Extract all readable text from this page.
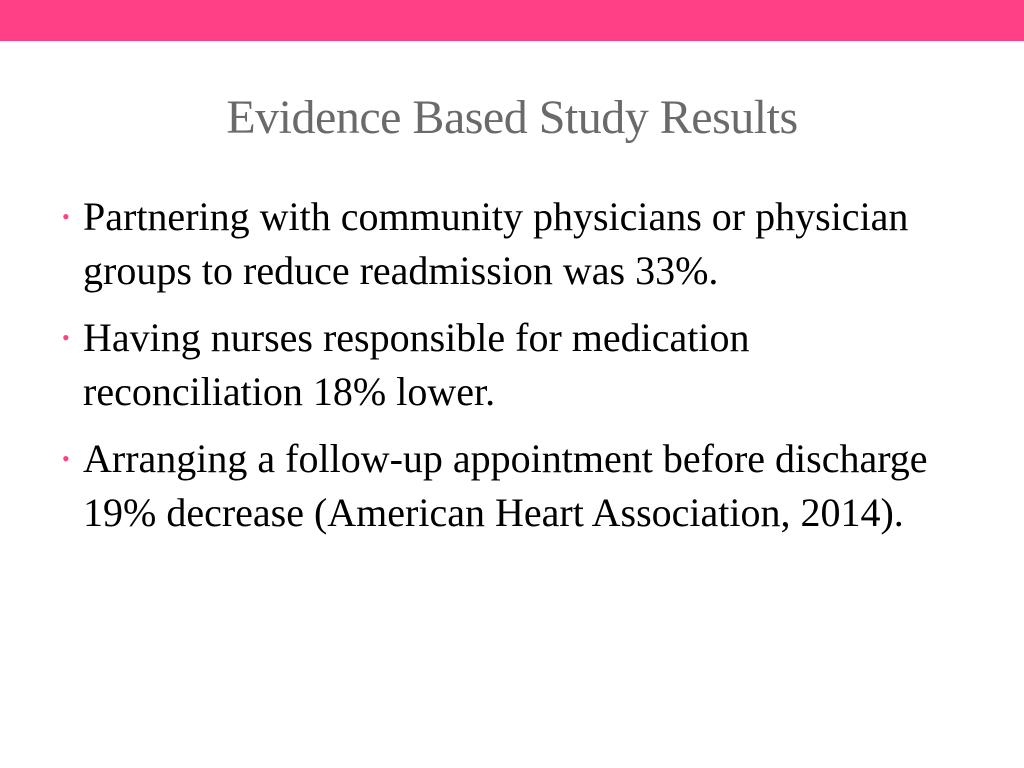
Evidence Based Study Results
• Partnering with community physicians or physician groups to reduce readmission was 33%.
• Having nurses responsible for medication reconciliation 18% lower.
• Arranging a follow-up appointment before discharge 19% decrease (American Heart Association, 2014).
